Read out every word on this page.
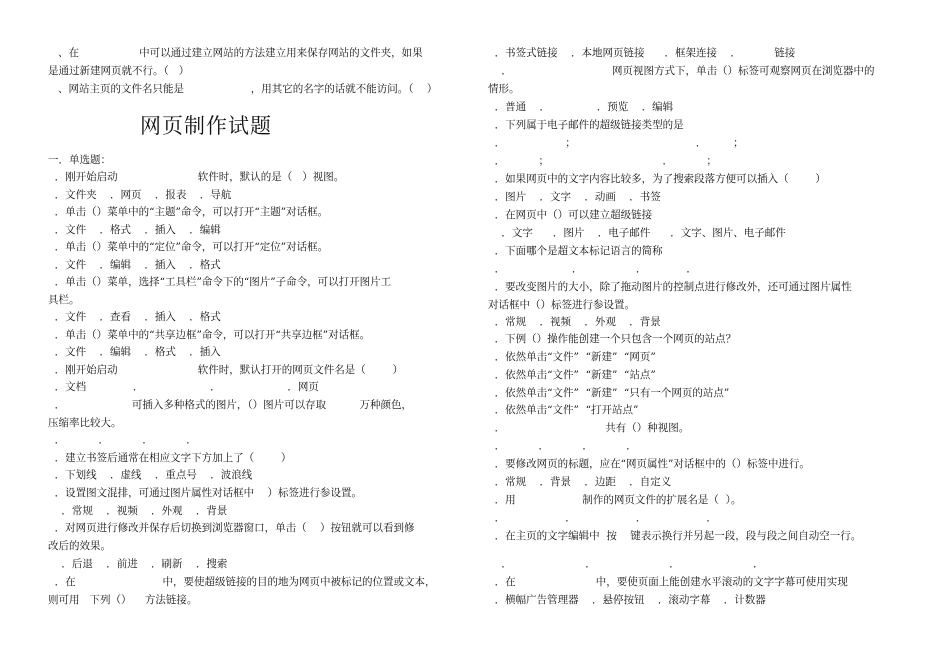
、在                  中可以通过建立网站的方法建立用来保存网站的文件夹，如果
是通过新建网页就不行。（   ）
、网站主页的文件名只能是                    ，用其它的名字的话就不能访问。（    ）
一．单选题：
．刚开始启动                        软件时，默认的是（   ）视图。
．文件夹    ．网页    ．报表    ．导航
．单击（）菜单中的“主题”命令，可以打开“主题”对话框。
．文件    ．格式    ．插入    ．编辑
．单击（）菜单中的“定位”命令，可以打开“定位”对话框。
．文件    ．编辑    ．插入    ．格式
．单击（）菜单，选择“工具栏”命令下的“图片”子命令，可以打开图片工
具栏。
．文件    ．查看    ．插入    ．格式
．单击（）菜单中的“共享边框”命令，可以打开“共享边框”对话框。
．文件    ．编辑    ．格式    ．插入
．刚开始启动                        软件时，默认打开的网页文件名是（        ）
．文档              ．                    ．                    ．网页
．                    可插入多种格式的图片，（）图片可以存取          万种颜色，
压缩率比较大。
．          ．          ．          ．
．建立书签后通常在相应文字下方加上了（        ）
．下划线    ．虚线    ．重点号    ．波浪线
．设置图文混排，可通过图片属性对话框中    ）标签进行参设置。
．常规    ．视频    ．外观    ．背景
．对网页进行修改并保存后切换到浏览器窗口，单击（    ）按钮就可以看到修
改后的效果。
．后退    ．前进    ．刷新    ．搜索
．在                          中，要使超级链接的目的地为网页中被标记的位置或文本，
则可用   下列（）    方法链接。
网页制作试题
．书签式链接    ．本地网页链接      ．框架连接    ．          链接
．                              网页视图方式下，单击（）标签可观察网页在浏览器中的
情形。
．普通    ．              ．预览    ．编辑
．下列属于电子邮件的超级链接类型的是
．                  ；                                    ．        ；
．          ；                                  ．          ；
．如果网页中的文字内容比较多，为了搜索段落方便可以插入（        ）
．图片    ．文字    ．动画    ．书签
．在网页中（）可以建立超级链接
．文字      ．图片    ．电子邮件      ．文字、图片、电子邮件
．下面哪个是超文本标记语言的简称
．                    ．                ．            ．
．要改变图片的大小，除了拖动图片的控制点进行修改外，还可通过图片属性
对话框中（）标签进行参设置。
．常规    ．视频    ．外观    ．背景
．下例（）操作能创建一个只包含一个网页的站点？
．依然单击“文件”  “新建”  “网页”
．依然单击“文件”  “新建”  “站点”
．依然单击“文件”  “新建”  “只有一个网页的站点”
．依然单击“文件”  “打开站点”
．                              共有（）种视图。
．          ．          ．          ．
．要修改网页的标题，应在“网页属性”对话框中的（）标签中进行。
．常规    ．背景    ．边距    ．自定义
．用                    制作的网页文件的扩展名是（  ）。
．                  ．                  ．                  ．
．在主页的文字编辑中  按    键表示换行并另起一段，段与段之间自动空一行。
．                      ．                      ．                      ．
．在                        中，要使页面上能创建水平滚动的文字字幕可使用实现
．横幅广告管理器    ．悬停按钮    ．滚动字幕    ．计数器
